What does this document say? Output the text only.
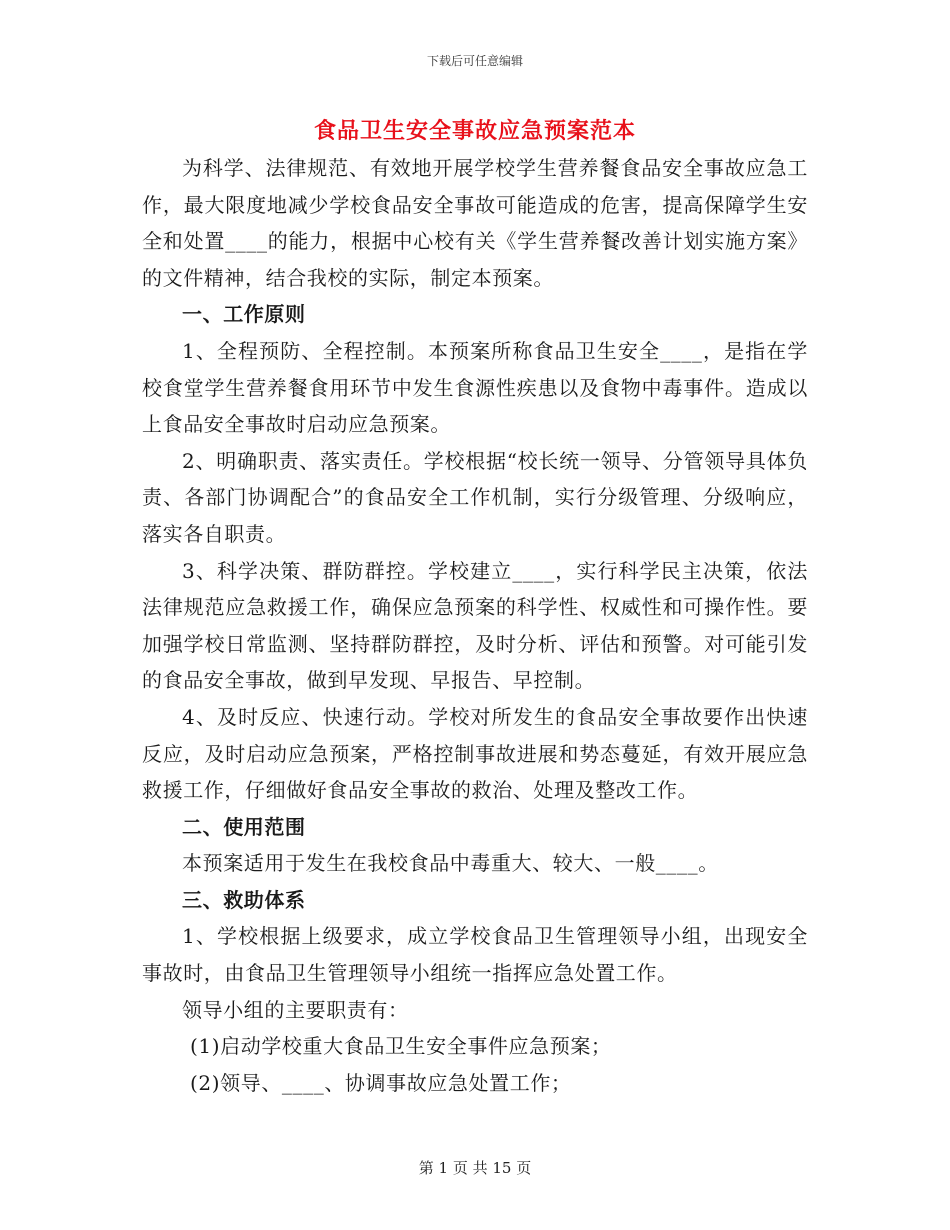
下载后可任意编辑
食品卫生安全事故应急预案范本

为科学、法律规范、有效地开展学校学生营养餐食品安全事故应急工作，最大限度地减少学校食品安全事故可能造成的危害，提高保障学生安全和处置____的能力，根据中心校有关《学生营养餐改善计划实施方案》的文件精神，结合我校的实际，制定本预案。

一、工作原则

1、全程预防、全程控制。本预案所称食品卫生安全____，是指在学校食堂学生营养餐食用环节中发生食源性疾患以及食物中毒事件。造成以上食品安全事故时启动应急预案。

2、明确职责、落实责任。学校根据“校长统一领导、分管领导具体负责、各部门协调配合”的食品安全工作机制，实行分级管理、分级响应，落实各自职责。

3、科学决策、群防群控。学校建立____，实行科学民主决策，依法法律规范应急救援工作，确保应急预案的科学性、权威性和可操作性。要加强学校日常监测、坚持群防群控，及时分析、评估和预警。对可能引发的食品安全事故，做到早发现、早报告、早控制。

4、及时反应、快速行动。学校对所发生的食品安全事故要作出快速反应，及时启动应急预案，严格控制事故进展和势态蔓延，有效开展应急救援工作，仔细做好食品安全事故的救治、处理及整改工作。

二、使用范围

本预案适用于发生在我校食品中毒重大、较大、一般____。

三、救助体系

1、学校根据上级要求，成立学校食品卫生管理领导小组，出现安全事故时，由食品卫生管理领导小组统一指挥应急处置工作。

领导小组的主要职责有：

(1)启动学校重大食品卫生安全事件应急预案；

(2)领导、____、协调事故应急处置工作；

第 1 页 共 15 页
